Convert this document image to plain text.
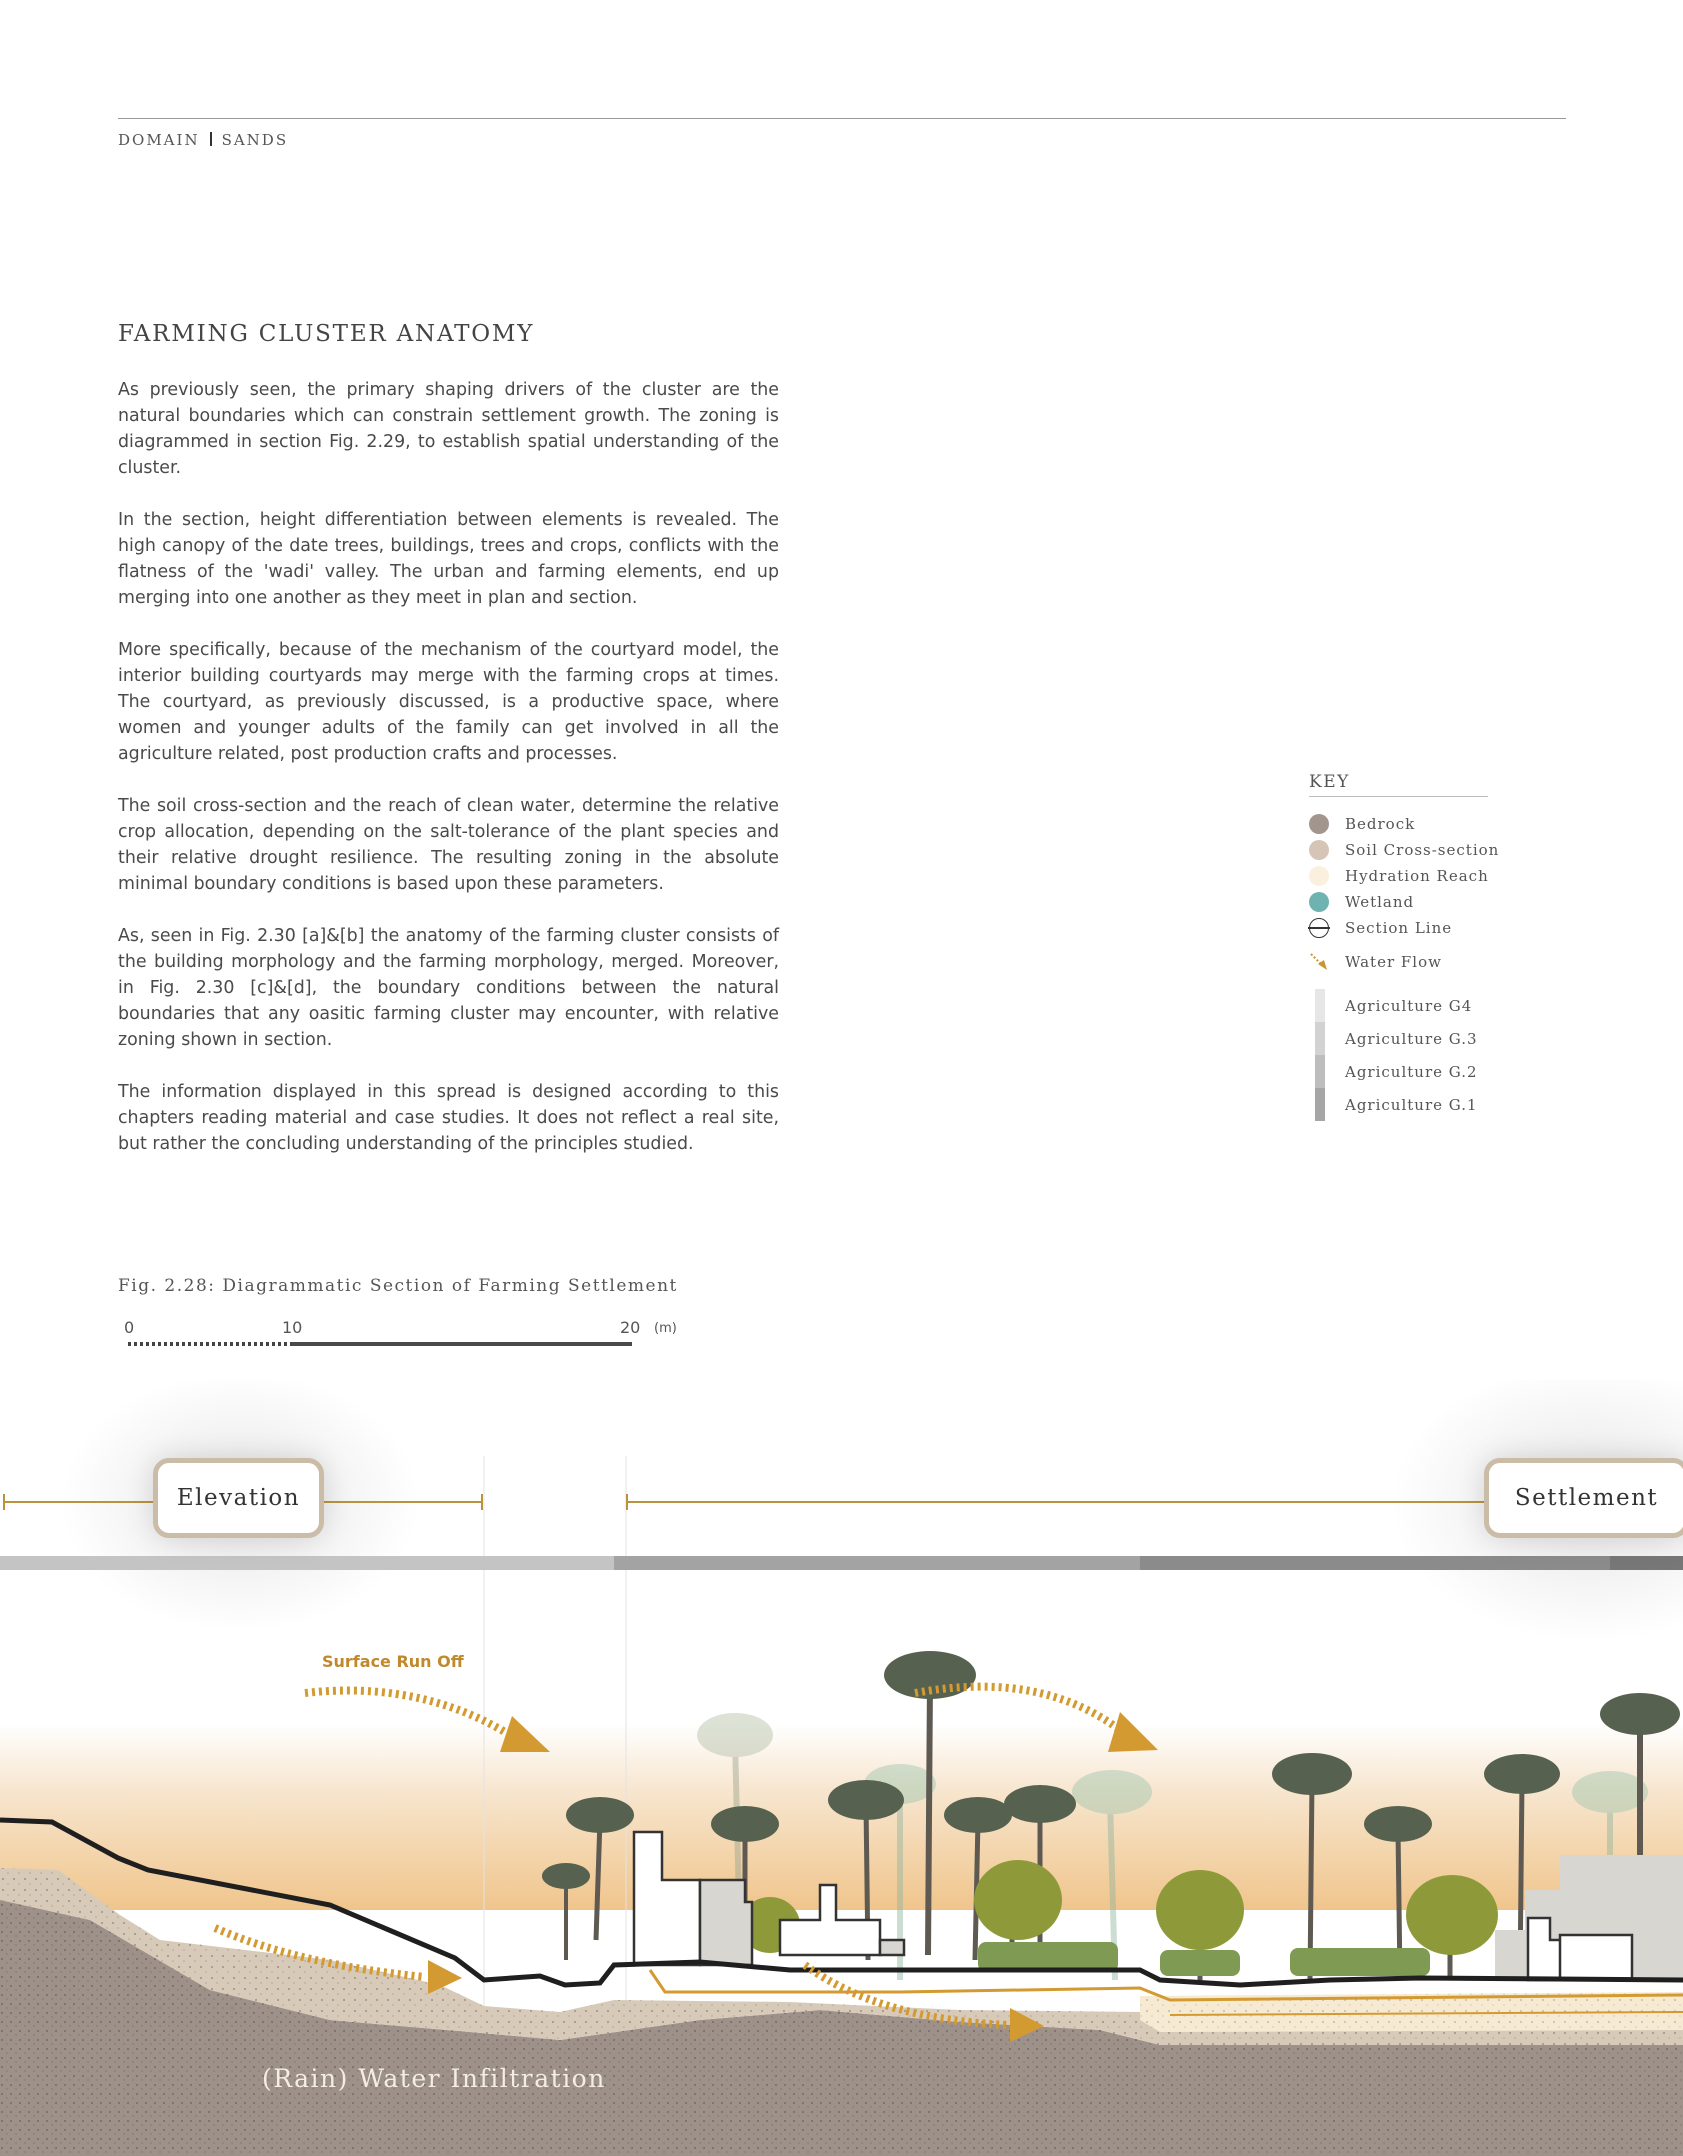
DOMAIN SANDS
FARMING CLUSTER ANATOMY

As previously seen, the primary shaping drivers of the cluster are the natural boundaries which can constrain settlement growth. The zoning is diagrammed in section Fig. 2.29, to establish spatial understanding of the cluster.

In the section, height differentiation between elements is revealed. The high canopy of the date trees, buildings, trees and crops, conflicts with the flatness of the 'wadi' valley. The urban and farming elements, end up merging into one another as they meet in plan and section.

More specifically, because of the mechanism of the courtyard model, the interior building courtyards may merge with the farming crops at times. The courtyard, as previously discussed, is a productive space, where women and younger adults of the family can get involved in all the agriculture related, post production crafts and processes.

The soil cross-section and the reach of clean water, determine the relative crop allocation, depending on the salt-tolerance of the plant species and their relative drought resilience. The resulting zoning in the absolute minimal boundary conditions is based upon these parameters.

As, seen in Fig. 2.30 [a]&[b] the anatomy of the farming cluster consists of the building morphology and the farming morphology, merged. Moreover, in Fig. 2.30 [c]&[d], the boundary conditions between the natural boundaries that any oasitic farming cluster may encounter, with relative zoning shown in section.

The information displayed in this spread is designed according to this chapters reading material and case studies. It does not reflect a real site, but rather the concluding understanding of the principles studied.

KEY
Bedrock
Soil Cross-section
Hydration Reach
Wetland
Section Line
Water Flow
Agriculture G4
Agriculture G.3
Agriculture G.2
Agriculture G.1
Fig. 2.28: Diagrammatic Section of Farming Settlement
0	10	20 (m)
Elevation	Settlement
Surface Run Off
(Rain) Water Infiltration
